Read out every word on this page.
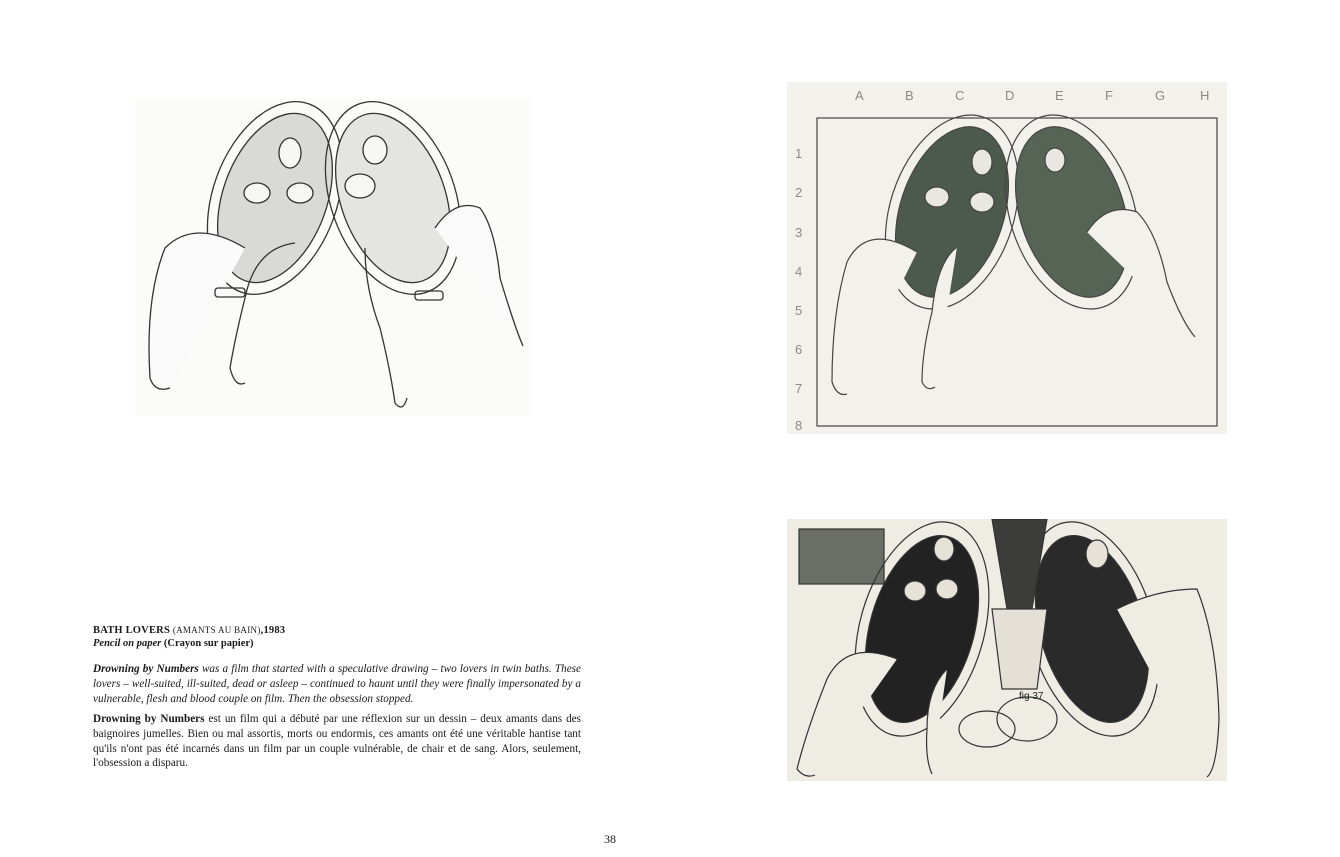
A	B	C	D	E	F	G	H
1
2
3
4
5
6
7
8
fig 37
BATH LOVERS (AMANTS AU BAIN),1983
Pencil on paper (Crayon sur papier)

Drowning by Numbers was a film that started with a speculative drawing – two lovers in twin baths. These lovers – well-suited, ill-suited, dead or asleep – continued to haunt until they were finally impersonated by a vulnerable, flesh and blood couple on film. Then the obsession stopped.

Drowning by Numbers est un film qui a débuté par une réflexion sur un dessin – deux amants dans des baignoires jumelles. Bien ou mal assortis, morts ou endormis, ces amants ont été une véritable hantise tant qu'ils n'ont pas été incarnés dans un film par un couple vulnérable, de chair et de sang. Alors, seulement, l'obsession a disparu.

38
